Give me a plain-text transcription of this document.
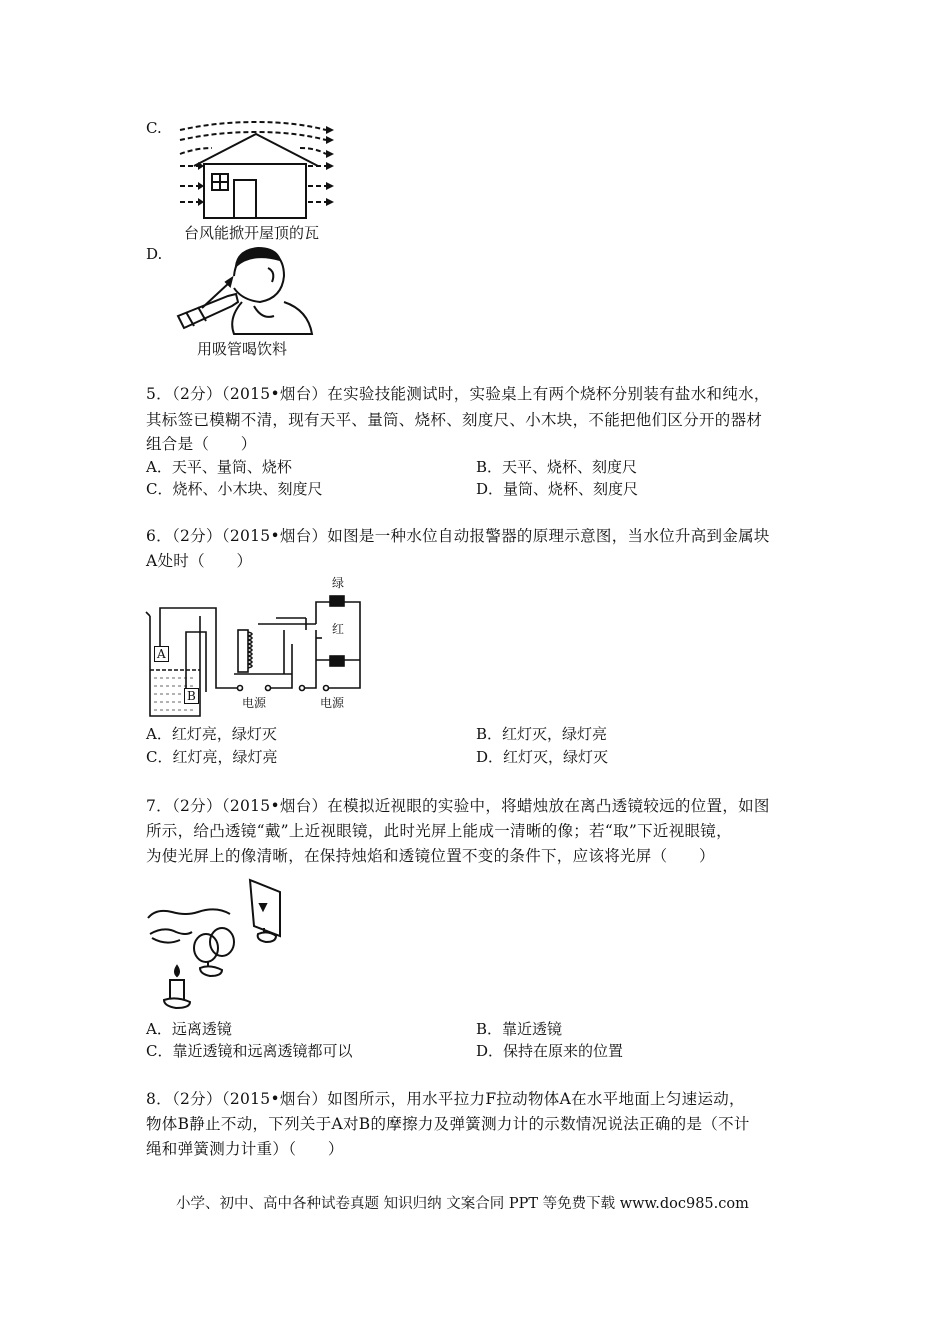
C.
台风能掀开屋顶的瓦
D.
用吸管喝饮料
5．（2分）（2015•烟台）在实验技能测试时，实验桌上有两个烧杯分别装有盐水和纯水，
其标签已模糊不清，现有天平、量筒、烧杯、刻度尺、小木块，不能把他们区分开的器材
组合是（　　）
A．天平、量筒、烧杯	B．天平、烧杯、刻度尺
C．烧杯、小木块、刻度尺	D．量筒、烧杯、刻度尺
6．（2分）（2015•烟台）如图是一种水位自动报警器的原理示意图，当水位升高到金属块
A处时（　　）
绿
红
A
B	电源	电源
A．红灯亮，绿灯灭	B．红灯灭，绿灯亮
C．红灯亮，绿灯亮	D．红灯灭，绿灯灭
7．（2分）（2015•烟台）在模拟近视眼的实验中，将蜡烛放在离凸透镜较远的位置，如图
所示，给凸透镜“戴”上近视眼镜，此时光屏上能成一清晰的像；若“取”下近视眼镜，
为使光屏上的像清晰，在保持烛焰和透镜位置不变的条件下，应该将光屏（　　）
A．远离透镜	B．靠近透镜
C．靠近透镜和远离透镜都可以	D．保持在原来的位置
8．（2分）（2015•烟台）如图所示，用水平拉力F拉动物体A在水平地面上匀速运动，
物体B静止不动，下列关于A对B的摩擦力及弹簧测力计的示数情况说法正确的是（不计
绳和弹簧测力计重）（　　）
小学、初中、高中各种试卷真题 知识归纳 文案合同 PPT 等免费下载 www.doc985.com
